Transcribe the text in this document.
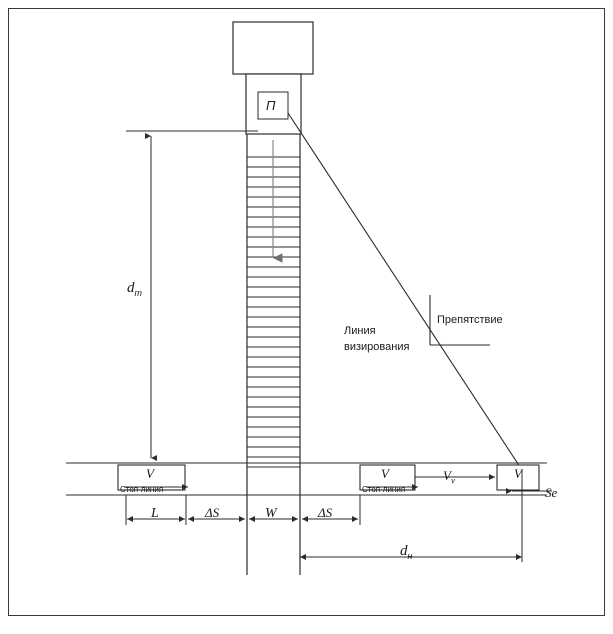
П
Линия
визирования
Препятствие
$d_т$
$d_н$
W
L	ΔS	ΔS
Se
$V_v$
V	V	V
Стоп-линия	Стоп-линия
